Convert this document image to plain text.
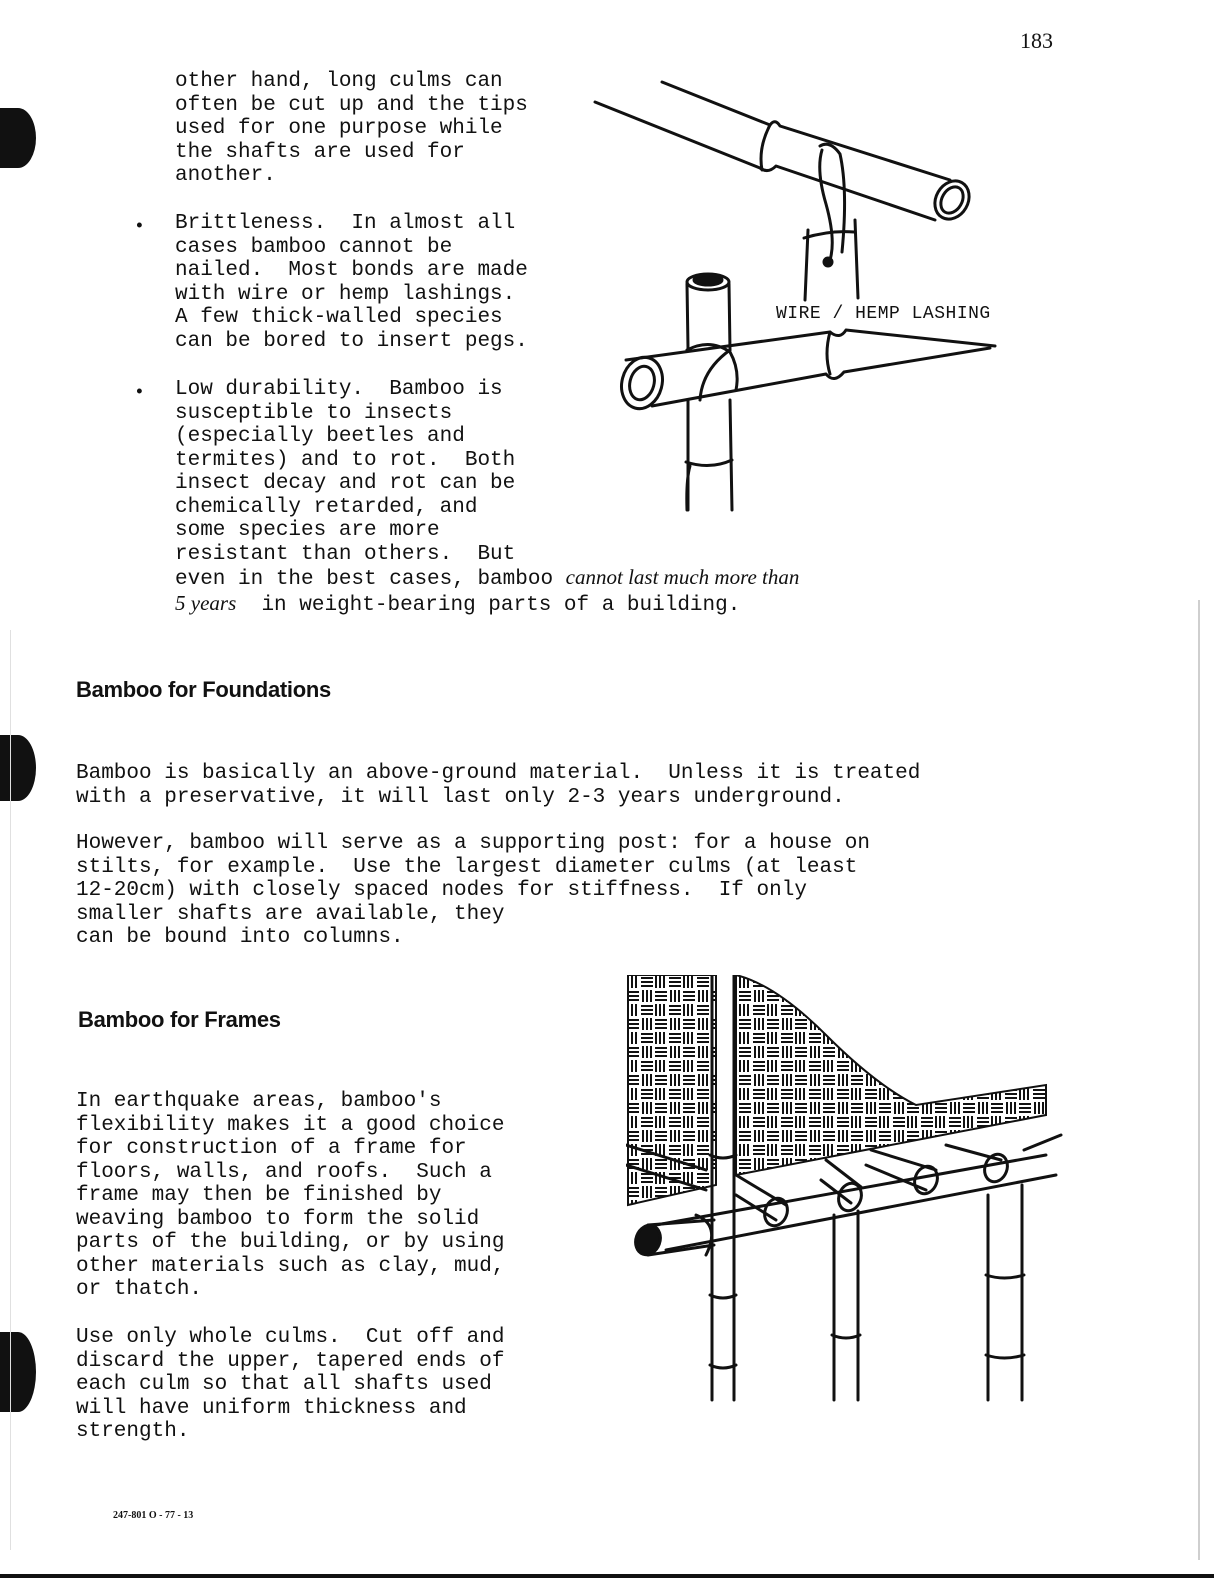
183
other hand, long culms can
often be cut up and the tips
used for one purpose while
the shafts are used for
another.
• Brittleness.  In almost all
cases bamboo cannot be
nailed.  Most bonds are made
with wire or hemp lashings.
A few thick-walled species
can be bored to insert pegs.
• Low durability.  Bamboo is
susceptible to insects
(especially beetles and
termites) and to rot.  Both
insect decay and rot can be
chemically retarded, and
some species are more
resistant than others.  But
even in the best cases, bamboo cannot last much more than
5 years  in weight-bearing parts of a building.
WIRE / HEMP LASHING
Bamboo for Foundations
Bamboo is basically an above-ground material.  Unless it is treated
with a preservative, it will last only 2-3 years underground.
However, bamboo will serve as a supporting post: for a house on
stilts, for example.  Use the largest diameter culms (at least
12-20cm) with closely spaced nodes for stiffness.  If only
smaller shafts are available, they
can be bound into columns.
Bamboo for Frames
In earthquake areas, bamboo's
flexibility makes it a good choice
for construction of a frame for
floors, walls, and roofs.  Such a
frame may then be finished by
weaving bamboo to form the solid
parts of the building, or by using
other materials such as clay, mud,
or thatch.
Use only whole culms.  Cut off and
discard the upper, tapered ends of
each culm so that all shafts used
will have uniform thickness and
strength.
247-801 O - 77 - 13
